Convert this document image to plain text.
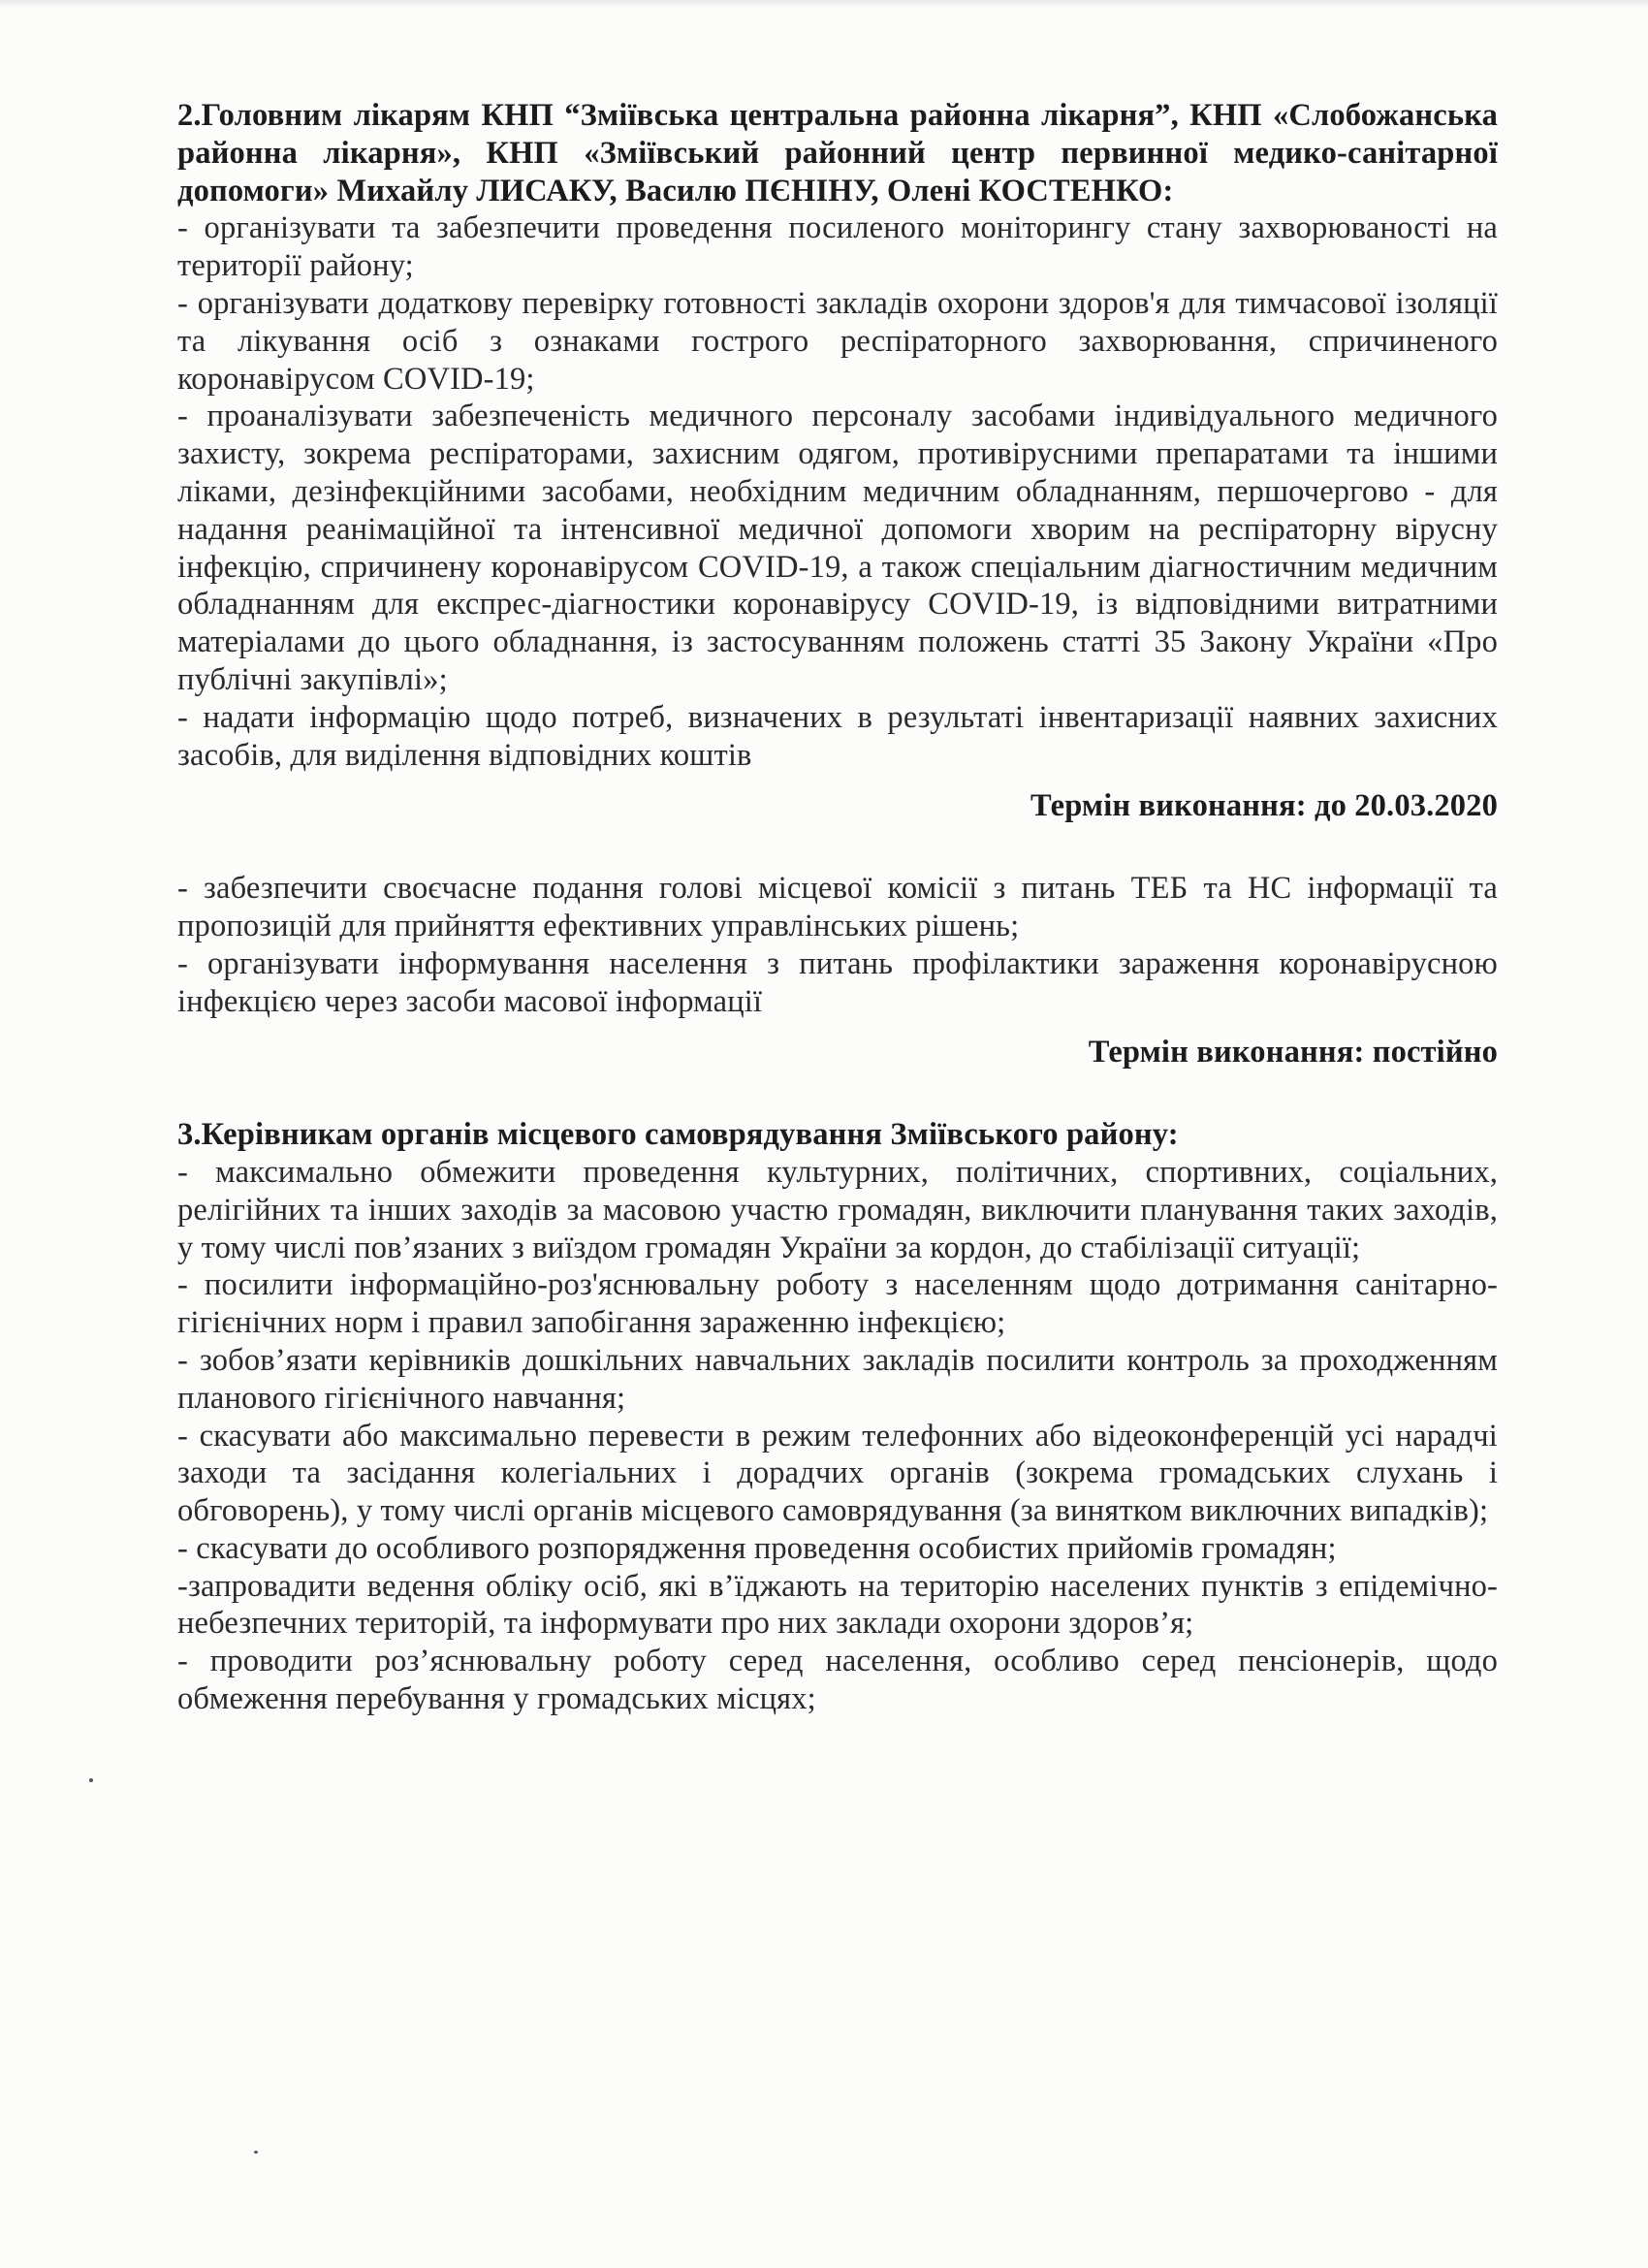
2.Головним лікарям КНП “Зміївська центральна районна лікарня”, КНП «Слобожанська районна лікарня», КНП «Зміївський районний центр первинної медико-санітарної допомоги» Михайлу ЛИСАКУ, Василю ПЄНІНУ, Олені КОСТЕНКО:

- організувати та забезпечити проведення посиленого моніторингу стану захворюваності на території району;

- організувати додаткову перевірку готовності закладів охорони здоров'я для тимчасової ізоляції та лікування осіб з ознаками гострого респіраторного захворювання, спричиненого коронавірусом COVID-19;

- проаналізувати забезпеченість медичного персоналу засобами індивідуального медичного захисту, зокрема респіраторами, захисним одягом, противірусними препаратами та іншими ліками, дезінфекційними засобами, необхідним медичним обладнанням, першочергово - для надання реанімаційної та інтенсивної медичної допомоги хворим на респіраторну вірусну інфекцію, спричинену коронавірусом COVID-19, а також спеціальним діагностичним медичним обладнанням для експрес-діагностики коронавірусу COVID-19, із відповідними витратними матеріалами до цього обладнання, із застосуванням положень статті 35 Закону України «Про публічні закупівлі»;

- надати інформацію щодо потреб, визначених в результаті інвентаризації наявних захисних засобів, для виділення відповідних коштів

Термін виконання: до 20.03.2020

- забезпечити своєчасне подання голові місцевої комісії з питань ТЕБ та НС інформації та пропозицій для прийняття ефективних управлінських рішень;

- організувати інформування населення з питань профілактики зараження коронавірусною інфекцією через засоби масової інформації

Термін виконання: постійно

3.Керівникам органів місцевого самоврядування Зміївського району:

- максимально обмежити проведення культурних, політичних, спортивних, соціальних, релігійних та інших заходів за масовою участю громадян, виключити планування таких заходів, у тому числі пов’язаних з виїздом громадян України за кордон, до стабілізації ситуації;

- посилити інформаційно-роз'яснювальну роботу з населенням щодо дотримання санітарно-гігієнічних норм і правил запобігання зараженню інфекцією;

- зобов’язати керівників дошкільних навчальних закладів посилити контроль за проходженням планового гігієнічного навчання;

- скасувати або максимально перевести в режим телефонних або відеоконференцій усі нарадчі заходи та засідання колегіальних і дорадчих органів (зокрема громадських слухань і обговорень), у тому числі органів місцевого самоврядування (за винятком виключних випадків);

- скасувати до особливого розпорядження проведення особистих прийомів громадян;

-запровадити ведення обліку осіб, які в’їджають на територію населених пунктів з епідемічно-небезпечних територій, та інформувати про них заклади охорони здоров’я;

- проводити роз’яснювальну роботу серед населення, особливо серед пенсіонерів, щодо обмеження перебування у громадських місцях;
